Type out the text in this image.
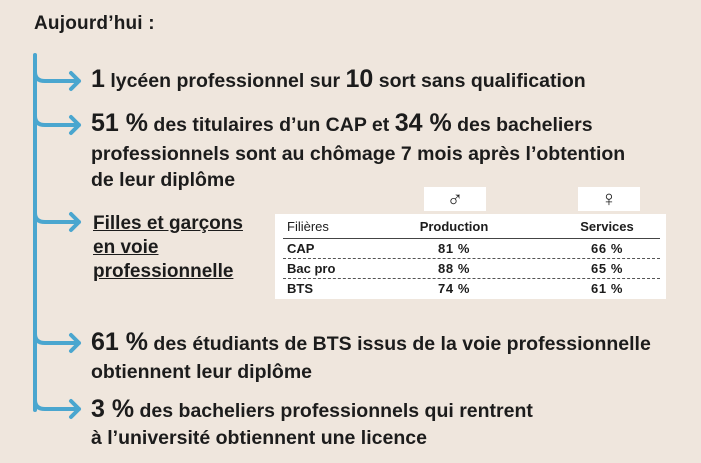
Aujourd’hui :
1 lycéen professionnel sur 10 sort sans qualification
51 % des titulaires d’un CAP et 34 % des bacheliers
professionnels sont au chômage 7 mois après l’obtention
de leur diplôme
Filles et garçons
en voie
professionnelle
♂	♀
Filières	Production	Services
CAP	81 %	66 %
Bac pro	88 %	65 %
BTS	74 %	61 %
61 % des étudiants de BTS issus de la voie professionnelle
obtiennent leur diplôme
3 % des bacheliers professionnels qui rentrent
à l’université obtiennent une licence
